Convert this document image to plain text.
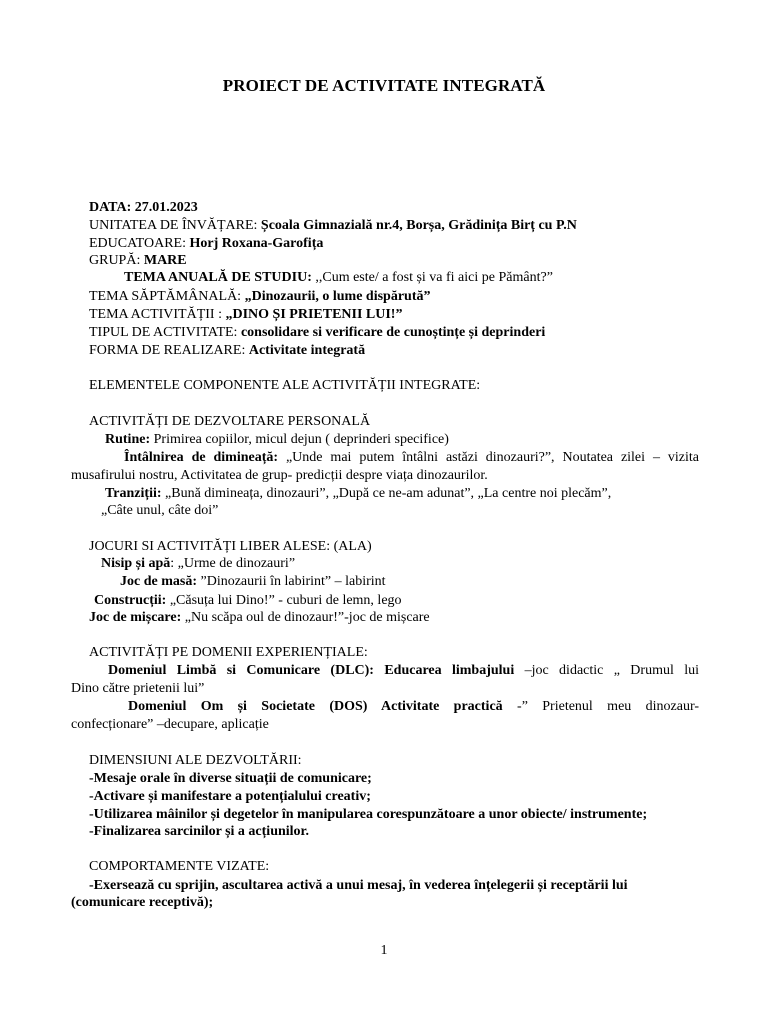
PROIECT DE ACTIVITATE INTEGRATĂ
DATA: 27.01.2023
UNITATEA DE ÎNVĂȚARE: Școala Gimnazială nr.4, Borșa, Grădinița Birț cu P.N
EDUCATOARE: Horj Roxana-Garofița
GRUPĂ: MARE
TEMA ANUALĂ DE STUDIU: ,,Cum este/ a fost și va fi aici pe Pământ?”
TEMA SĂPTĂMÂNALĂ: „Dinozaurii, o lume dispărută”
TEMA ACTIVITĂȚII : „DINO ȘI PRIETENII LUI!”
TIPUL DE ACTIVITATE: consolidare si verificare de cunoștințe și deprinderi
FORMA DE REALIZARE: Activitate integrată
ELEMENTELE COMPONENTE ALE ACTIVITĂȚII INTEGRATE:
ACTIVITĂȚI DE DEZVOLTARE PERSONALĂ
Rutine: Primirea copiilor, micul dejun ( deprinderi specifice)
Întâlnirea de dimineață: „Unde mai putem întâlni astăzi dinozauri?”, Noutatea zilei – vizita
musafirului nostru, Activitatea de grup- predicții despre viața dinozaurilor.
Tranziții: „Bună dimineața, dinozauri”, „După ce ne-am adunat”, „La centre noi plecăm”,
„Câte unul, câte doi”
JOCURI SI ACTIVITĂȚI LIBER ALESE: (ALA)
Nisip și apă: „Urme de dinozauri”
Joc de masă: ”Dinozaurii în labirint” – labirint
Construcții: „Căsuța lui Dino!” - cuburi de lemn, lego
Joc de mișcare: „Nu scăpa oul de dinozaur!”-joc de mișcare
ACTIVITĂȚI PE DOMENII EXPERIENȚIALE:
Domeniul Limbă si Comunicare (DLC): Educarea limbajului –joc didactic „ Drumul lui
Dino către prietenii lui”
Domeniul Om și Societate (DOS) Activitate practică -” Prietenul meu dinozaur-
confecționare” –decupare, aplicație
DIMENSIUNI ALE DEZVOLTĂRII:
-Mesaje orale în diverse situații de comunicare;
-Activare și manifestare a potențialului creativ;
-Utilizarea mâinilor și degetelor în manipularea corespunzătoare a unor obiecte/ instrumente;
-Finalizarea sarcinilor și a acțiunilor.
COMPORTAMENTE VIZATE:
-Exersează cu sprijin, ascultarea activă a unui mesaj, în vederea înțelegerii și receptării lui
(comunicare receptivă);
1
